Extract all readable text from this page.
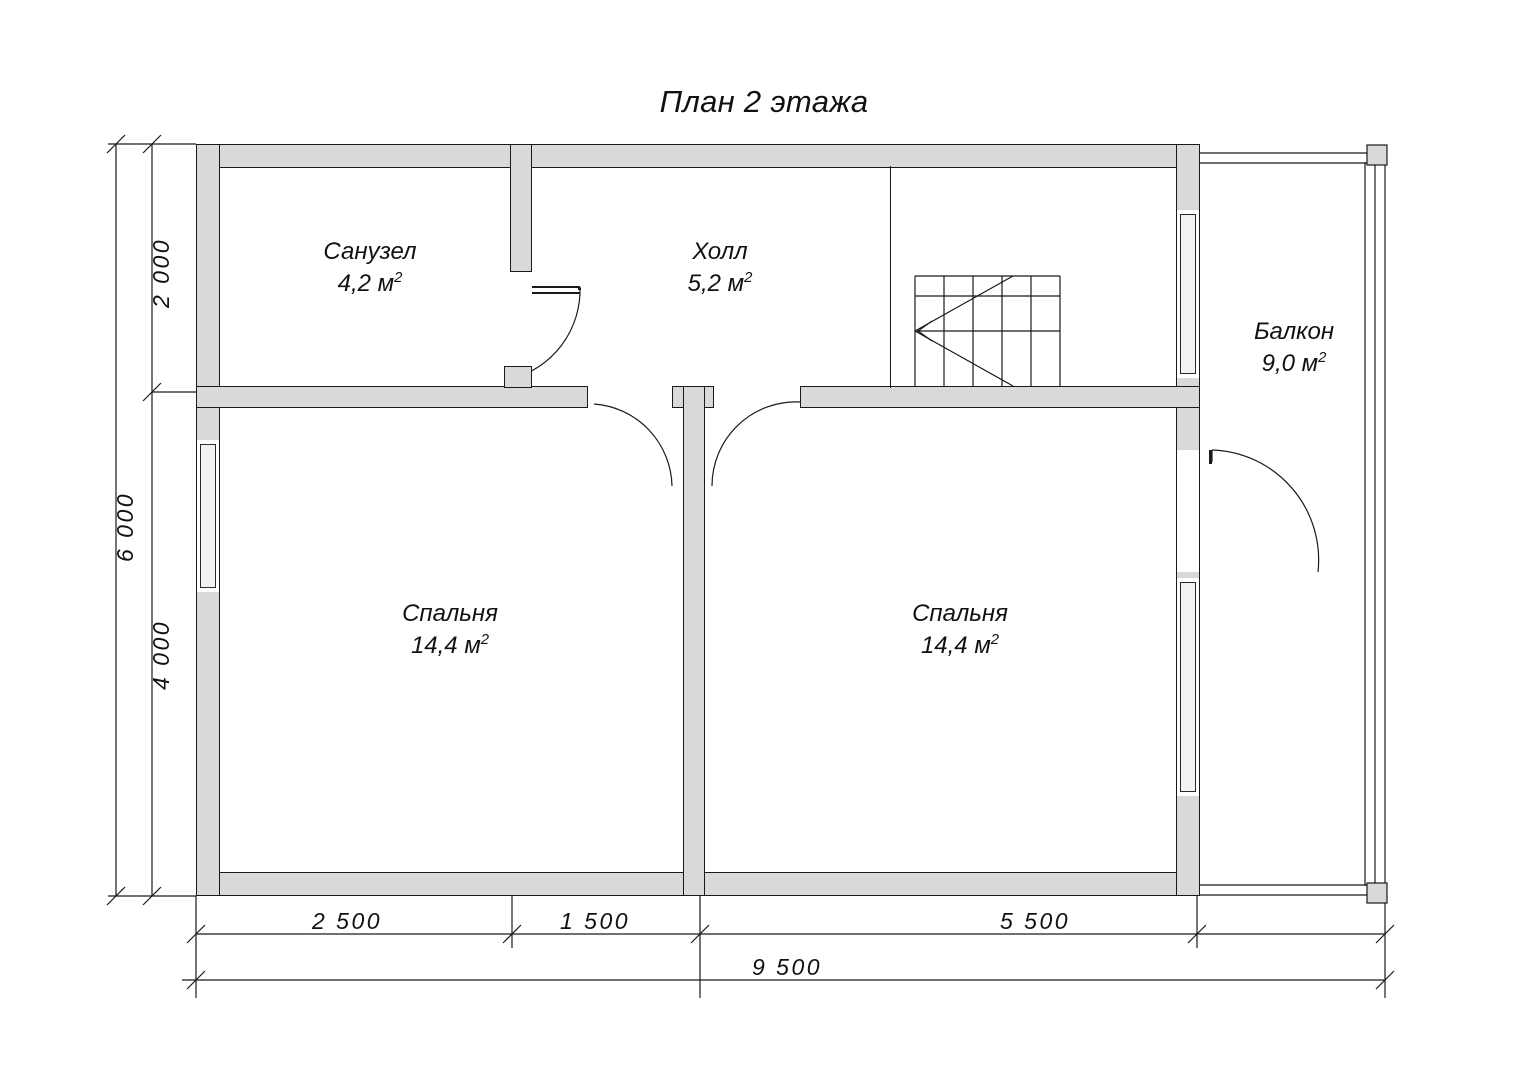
План 2 этажа
Санузел
4,2 $м^2$
Холл
5,2 $м^2$
Балкон
9,0 $м^2$
Спальня
14,4 $м^2$
Спальня
14,4 $м^2$
2 000
4 000
6 000
2 500	1 500	5 500
9 500
